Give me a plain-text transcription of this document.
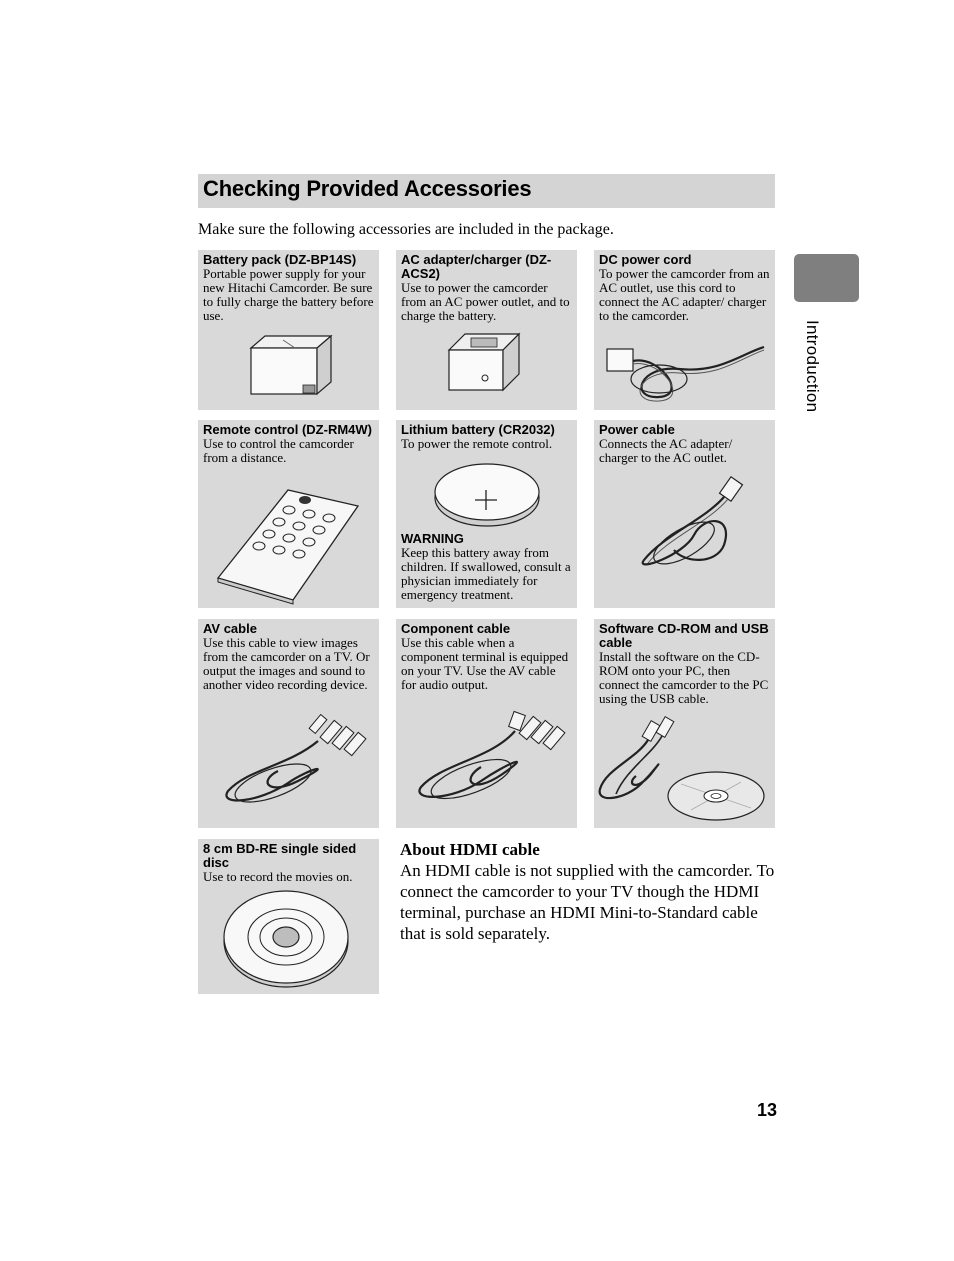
Checking Provided Accessories
Make sure the following accessories are included in the package.
Introduction
Battery pack (DZ-BP14S)
Portable power supply for your new Hitachi Camcorder. Be sure to fully charge the battery before use.
AC adapter/charger (DZ-ACS2)
Use to power the camcorder from an AC power outlet, and to charge the battery.
DC power cord
To power the camcorder from an AC outlet, use this cord to connect the AC adapter/ charger to the camcorder.
Remote control (DZ-RM4W)
Use to control the camcorder from a distance.
Lithium battery (CR2032)
To power the remote control.
WARNING
Keep this battery away from children. If swallowed, consult a physician immediately for emergency treatment.
Power cable
Connects the AC adapter/ charger to the AC outlet.
AV cable
Use this cable to view images from the camcorder on a TV. Or output the images and sound to another video recording device.
Component cable
Use this cable when a component terminal is equipped on your TV. Use the AV cable for audio output.
Software CD-ROM and USB cable
Install the software on the CD-ROM onto your PC, then connect the camcorder to the PC using the USB cable.
8 cm BD-RE single sided disc
Use to record the movies on.
About HDMI cable
An HDMI cable is not supplied with the camcorder. To connect the camcorder to your TV though the HDMI terminal, purchase an HDMI Mini-to-Standard cable that is sold separately.
13
